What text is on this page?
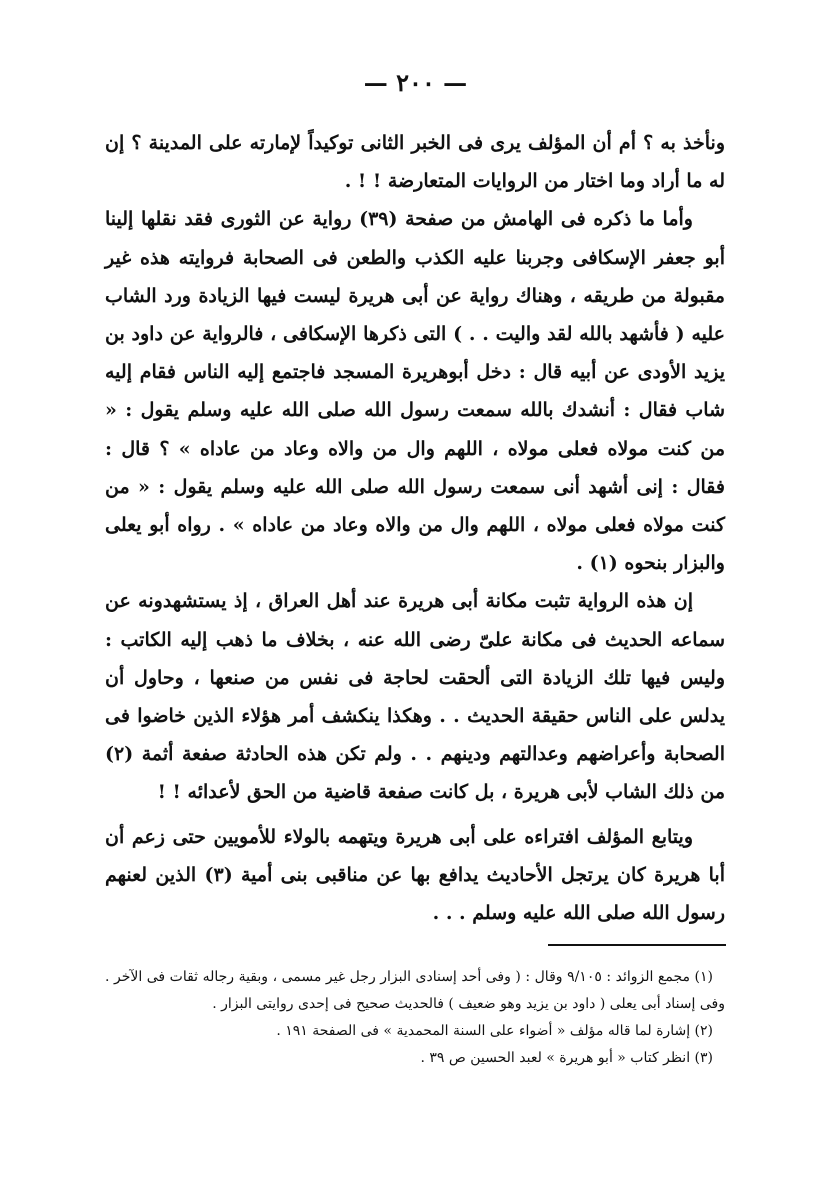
— ٢٠٠ —

ونأخذ به ؟ أم أن المؤلف يرى فى الخبر الثانى توكيداً لإمارته على المدينة ؟ إن له ما أراد وما اختار من الروايات المتعارضة ! ! .

وأما ما ذكره فى الهامش من صفحة (٣٩) رواية عن الثورى فقد نقلها إلينا أبو جعفر الإسكافى وجربنا عليه الكذب والطعن فى الصحابة فروايته هذه غير مقبولة من طريقه ، وهناك رواية عن أبى هريرة ليست فيها الزيادة ورد الشاب عليه ( فأشهد بالله لقد واليت . . ) التى ذكرها الإسكافى ، فالرواية عن داود بن يزيد الأودى عن أبيه قال : دخل أبوهريرة المسجد فاجتمع إليه الناس فقام إليه شاب فقال : أنشدك بالله سمعت رسول الله صلى الله عليه وسلم يقول : « من كنت مولاه فعلى مولاه ، اللهم وال من والاه وعاد من عاداه » ؟ قال : فقال : إنى أشهد أنى سمعت رسول الله صلى الله عليه وسلم يقول : « من كنت مولاه فعلى مولاه ، اللهم وال من والاه وعاد من عاداه » . رواه أبو يعلى والبزار بنحوه (١) .

إن هذه الرواية تثبت مكانة أبى هريرة عند أهل العراق ، إذ يستشهدونه عن سماعه الحديث فى مكانة علىّ رضى الله عنه ، بخلاف ما ذهب إليه الكاتب : وليس فيها تلك الزيادة التى ألحقت لحاجة فى نفس من صنعها ، وحاول أن يدلس على الناس حقيقة الحديث . . وهكذا ينكشف أمر هؤلاء الذين خاضوا فى الصحابة وأعراضهم وعدالتهم ودينهم . . ولم تكن هذه الحادثة صفعة أثمة (٢) من ذلك الشاب لأبى هريرة ، بل كانت صفعة قاضية من الحق لأعدائه ! !

ويتابع المؤلف افتراءه على أبى هريرة ويتهمه بالولاء للأمويين حتى زعم أن أبا هريرة كان يرتجل الأحاديث يدافع بها عن مناقبى بنى أمية (٣) الذين لعنهم رسول الله صلى الله عليه وسلم . . .

(١) مجمع الزوائد : ٩/١٠٥ وقال : ( وفى أحد إسنادى البزار رجل غير مسمى ، وبقية رجاله ثقات فى الآخر . وفى إسناد أبى يعلى ( داود بن يزيد وهو ضعيف ) فالحديث صحيح فى إحدى روايتى البزار .

(٢) إشارة لما قاله مؤلف « أضواء على السنة المحمدية » فى الصفحة ١٩١ .

(٣) انظر كتاب « أبو هريرة » لعبد الحسين ص ٣٩ .
